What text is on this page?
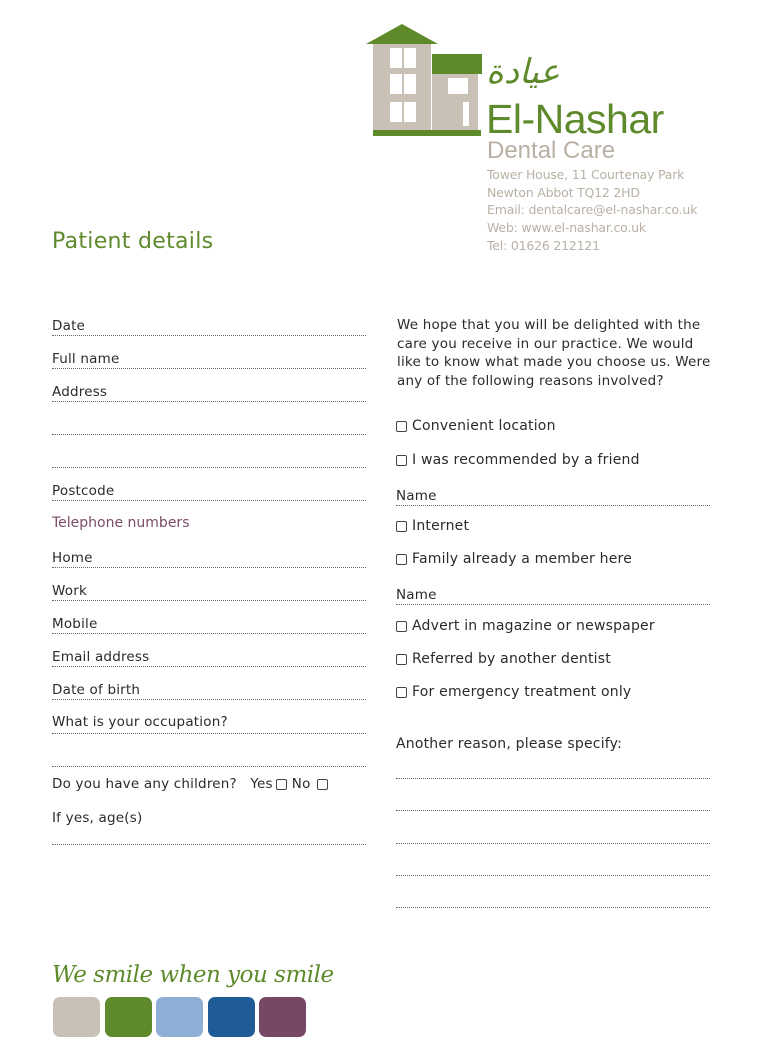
عيادة
El-Nashar
Dental Care
Tower House, 11 Courtenay Park
Newton Abbot TQ12 2HD
Email: dentalcare@el-nashar.co.uk
Web: www.el-nashar.co.uk
Tel: 01626 212121
Patient details
Date
Full name
Address
Postcode
Telephone numbers
Home
Work
Mobile
Email address
Date of birth
What is your occupation?
Do you have any children? Yes No
If yes, age(s)
We hope that you will be delighted with the care you receive in our practice. We would like to know what made you choose us. Were any of the following reasons involved?
Convenient location
I was recommended by a friend
Name
Internet
Family already a member here
Name
Advert in magazine or newspaper
Referred by another dentist
For emergency treatment only
Another reason, please specify:
We smile when you smile
